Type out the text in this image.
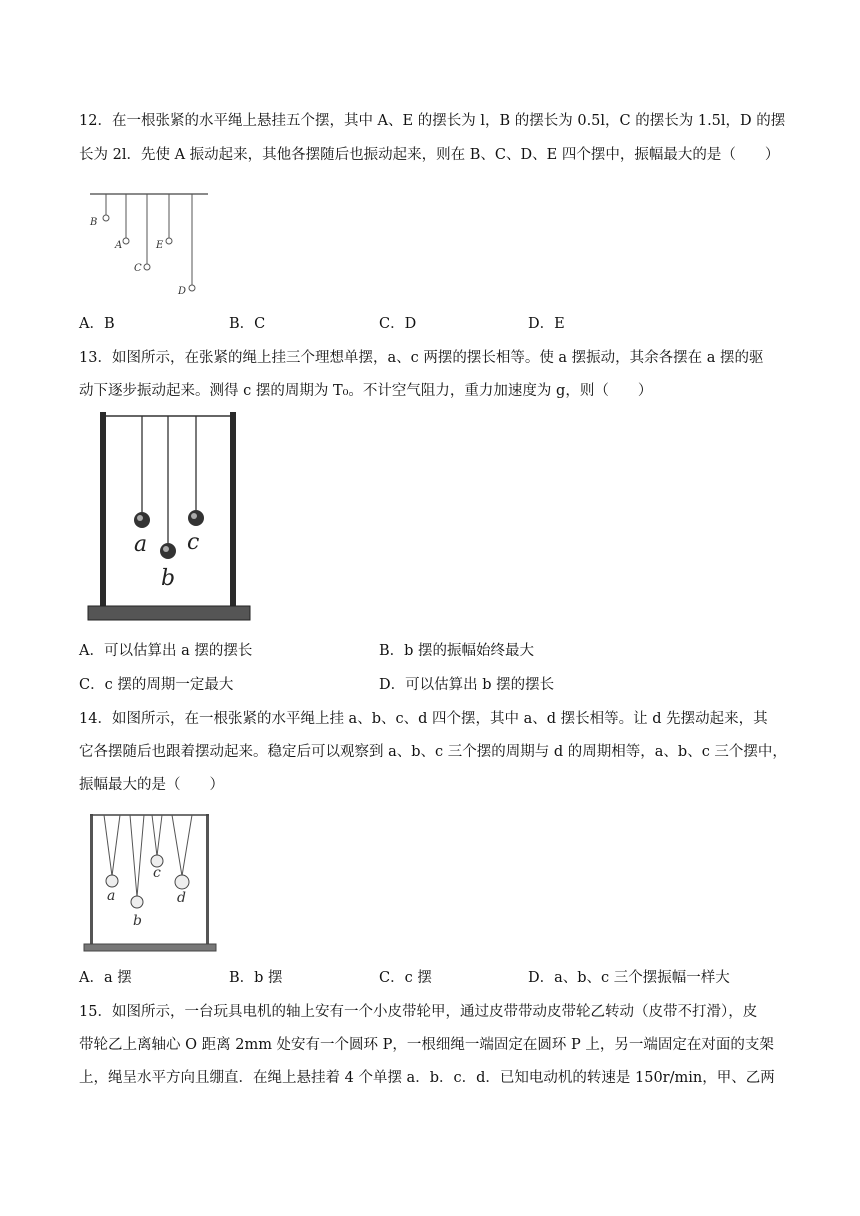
12．在一根张紧的水平绳上悬挂五个摆，其中 A、E 的摆长为 l，B 的摆长为 0.5l，C 的摆长为 1.5l，D 的摆
长为 2l．先使 A 振动起来，其他各摆随后也振动起来，则在 B、C、D、E 四个摆中，振幅最大的是（　　）
B
A	E
C
D
A．B	B．C	C．D	D．E
13．如图所示，在张紧的绳上挂三个理想单摆，a、c 两摆的摆长相等。使 a 摆振动，其余各摆在 a 摆的驱
动下逐步振动起来。测得 c 摆的周期为 T₀。不计空气阻力，重力加速度为 g，则（　　）
a
b
c
A．可以估算出 a 摆的摆长	B．b 摆的振幅始终最大
C．c 摆的周期一定最大	D．可以估算出 b 摆的摆长
14．如图所示，在一根张紧的水平绳上挂 a、b、c、d 四个摆，其中 a、d 摆长相等。让 d 先摆动起来，其
它各摆随后也跟着摆动起来。稳定后可以观察到 a、b、c 三个摆的周期与 d 的周期相等，a、b、c 三个摆中，
振幅最大的是（　　）
a
b
c
d
A．a 摆	B．b 摆	C．c 摆	D．a、b、c 三个摆振幅一样大
15．如图所示，一台玩具电机的轴上安有一个小皮带轮甲，通过皮带带动皮带轮乙转动（皮带不打滑），皮
带轮乙上离轴心 O 距离 2mm 处安有一个圆环 P，一根细绳一端固定在圆环 P 上，另一端固定在对面的支架
上，绳呈水平方向且绷直．在绳上悬挂着 4 个单摆 a．b．c．d．已知电动机的转速是 150r/min，甲、乙两
